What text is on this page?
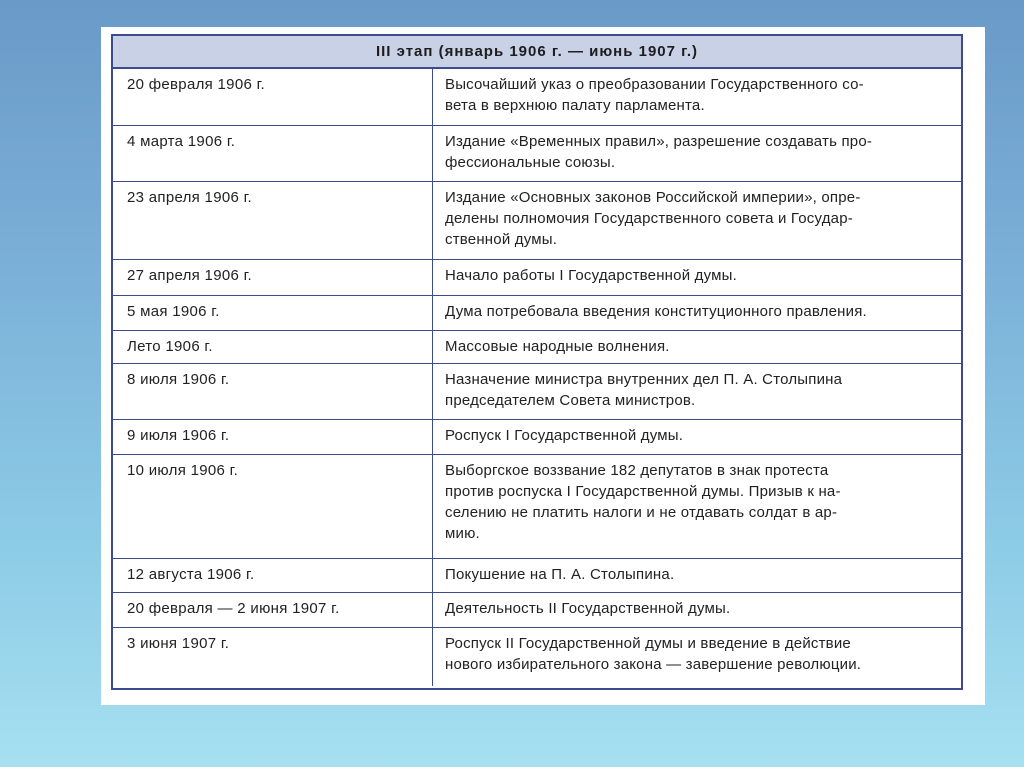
III этап (январь 1906 г. — июнь 1907 г.)
20 февраля 1906 г.	Высочайший указ о преобразовании Государственного со-
вета в верхнюю палату парламента.
4 марта 1906 г.	Издание «Временных правил», разрешение создавать про-
фессиональные союзы.
23 апреля 1906 г.	Издание «Основных законов Российской империи», опре-
делены полномочия Государственного совета и Государ-
ственной думы.
27 апреля 1906 г.	Начало работы I Государственной думы.
5 мая 1906 г.	Дума потребовала введения конституционного правления.
Лето 1906 г.	Массовые народные волнения.
8 июля 1906 г.	Назначение министра внутренних дел П. А. Столыпина
председателем Совета министров.
9 июля 1906 г.	Роспуск I Государственной думы.
10 июля 1906 г.	Выборгское воззвание 182 депутатов в знак протеста
против роспуска I Государственной думы. Призыв к на-
селению не платить налоги и не отдавать солдат в ар-
мию.
12 августа 1906 г.	Покушение на П. А. Столыпина.
20 февраля — 2 июня 1907 г.	Деятельность II Государственной думы.
3 июня 1907 г.	Роспуск II Государственной думы и введение в действие
нового избирательного закона — завершение революции.
